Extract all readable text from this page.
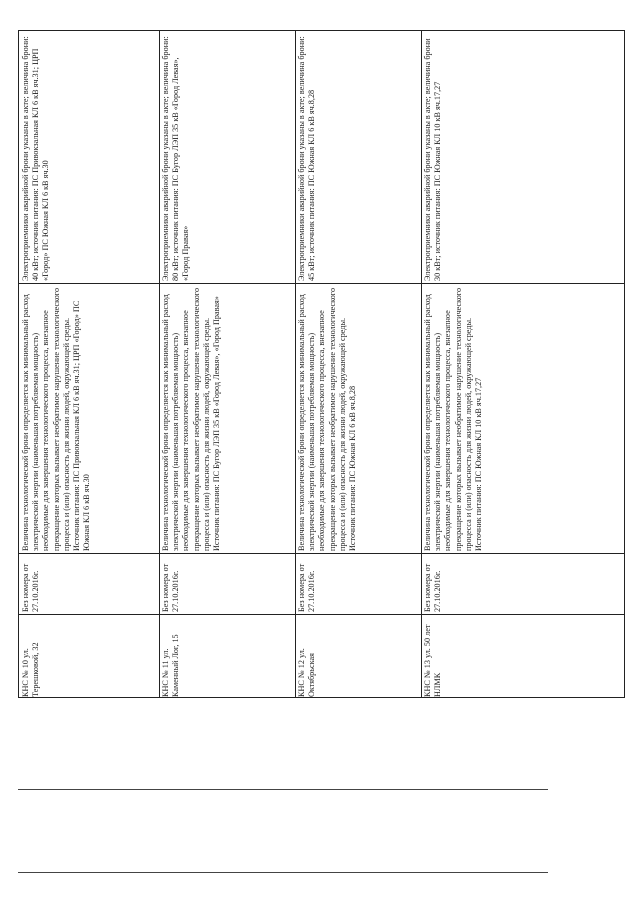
Электроприемники аварийной брони указаны в акте; величина брони: 40 кВт; источник питания: ПС Привокзальная КЛ 6 кВ яч.31; ЦРП «Город» ПС Южная КЛ 6 кВ яч.30
Величина технологической брони определяется как минимальный расход электрической энергии (наименьшая потребляемая мощность) необходимые для завершения технологического процесса, внезапное прекращение которых вызывает необратимое нарушение технологического процесса и (или) опасность для жизни людей, окружающей среды. Источник питания: ПС Привокзальная КЛ 6 кВ яч.31; ЦРП «Город» ПС Южная КЛ 6 кВ яч.30
Без номера от 27.10.2016г.
КНС № 10 ул. Терешковой, 32
Электроприемники аварийной брони указаны в акте; величина брони: 80 кВт; источник питания: ПС Бугор ЛЭП 35 кВ «Город Левая», «Город Правая»
Величина технологической брони определяется как минимальный расход электрической энергии (наименьшая потребляемая мощность) необходимые для завершения технологического процесса, внезапное прекращение которых вызывает необратимое нарушение технологического процесса и (или) опасность для жизни людей, окружающей среды. Источник питания: ПС Бугор ЛЭП 35 кВ «Город Левая», «Город Правая»
Без номера от 27.10.2016г.
КНС № 11 ул. Каменный Лог, 15
Электроприемники аварийной брони указаны в акте; величина брони: 45 кВт; источник питания: ПС Южная КЛ 6 кВ яч.8,28
Величина технологической брони определяется как минимальный расход электрической энергии (наименьшая потребляемая мощность) необходимые для завершения технологического процесса, внезапное прекращение которых вызывает необратимое нарушение технологического процесса и (или) опасность для жизни людей, окружающей среды. Источник питания: ПС Южная КЛ 6 кВ яч.8,28
Без номера от 27.10.2016г.
КНС № 12 ул. Октябрьская
Электроприемники аварийной брони указаны в акте; величина брони 30 кВт; источник питания: ПС Южная КЛ 10 кВ яч.17,27
Величина технологической брони определяется как минимальный расход электрической энергии (наименьшая потребляемая мощность) необходимые для завершения технологического процесса, внезапное прекращение которых вызывает необратимое нарушение технологического процесса и (или) опасность для жизни людей, окружающей среды. Источник питания: ПС Южная КЛ 10 кВ яч.17,27
Без номера от 27.10.2016г.
КНС № 13 ул. 50 лет НЛМК
